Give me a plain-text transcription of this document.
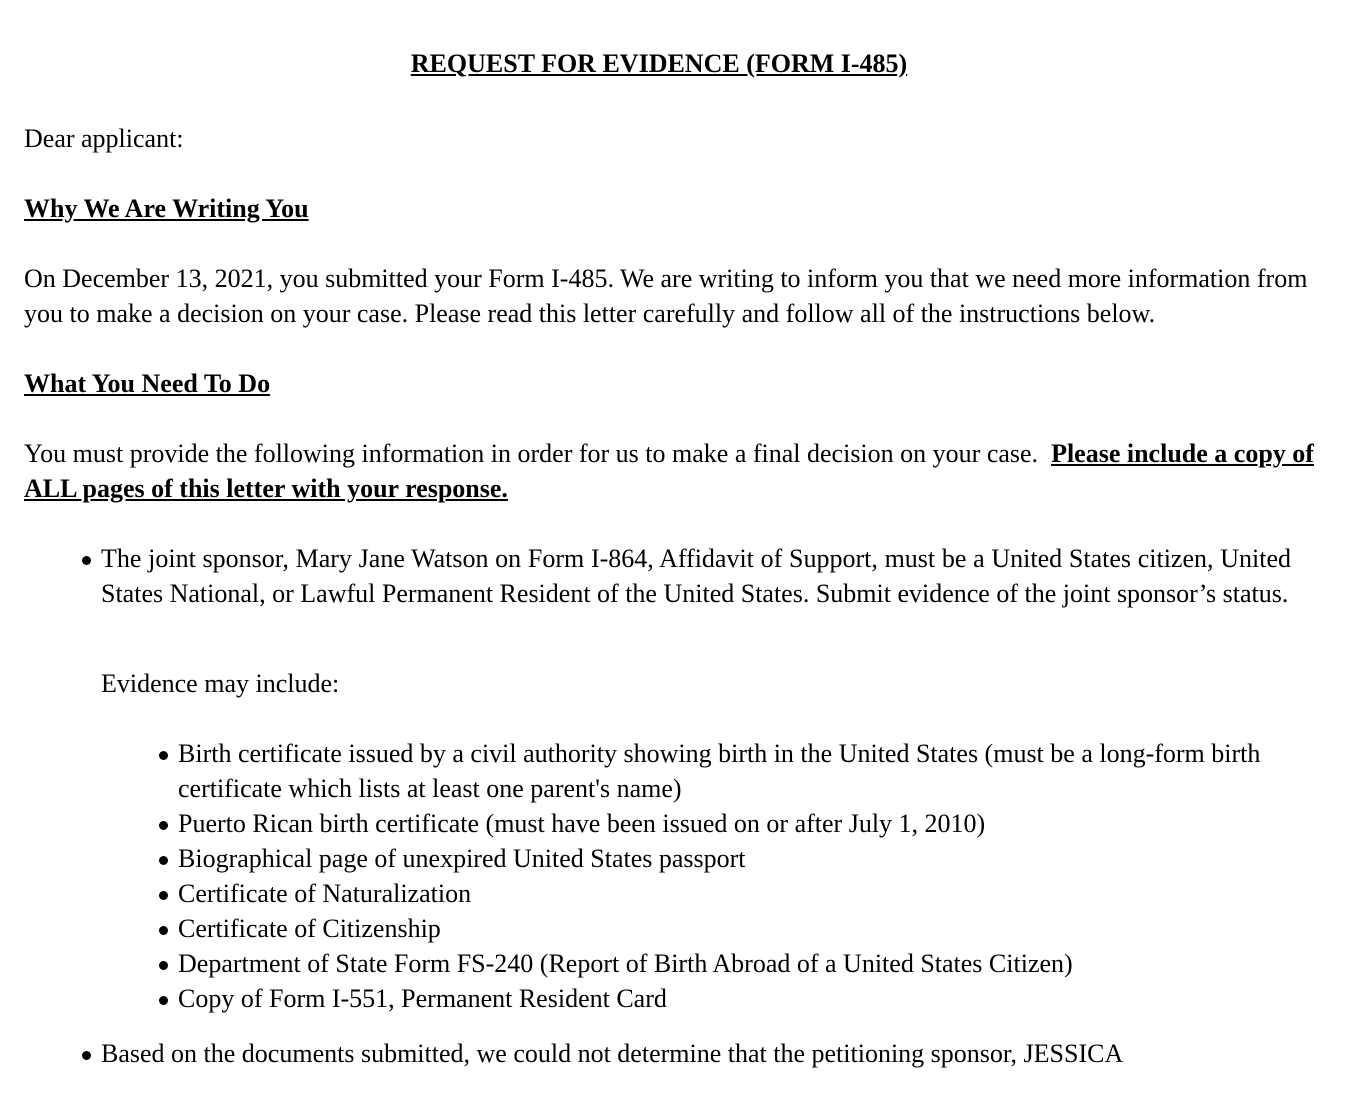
REQUEST FOR EVIDENCE (FORM I-485)

Dear applicant:

Why We Are Writing You

On December 13, 2021, you submitted your Form I-485. We are writing to inform you that we need more information from you to make a decision on your case. Please read this letter carefully and follow all of the instructions below.

What You Need To Do

You must provide the following information in order for us to make a final decision on your case. Please include a copy of ALL pages of this letter with your response.

The joint sponsor, Mary Jane Watson on Form I-864, Affidavit of Support, must be a United States citizen, United States National, or Lawful Permanent Resident of the United States. Submit evidence of the joint sponsor’s status.

Evidence may include:

Birth certificate issued by a civil authority showing birth in the United States (must be a long-form birth certificate which lists at least one parent's name)
Puerto Rican birth certificate (must have been issued on or after July 1, 2010)
Biographical page of unexpired United States passport
Certificate of Naturalization
Certificate of Citizenship
Department of State Form FS-240 (Report of Birth Abroad of a United States Citizen)
Copy of Form I-551, Permanent Resident Card
Based on the documents submitted, we could not determine that the petitioning sponsor, JESSICA
